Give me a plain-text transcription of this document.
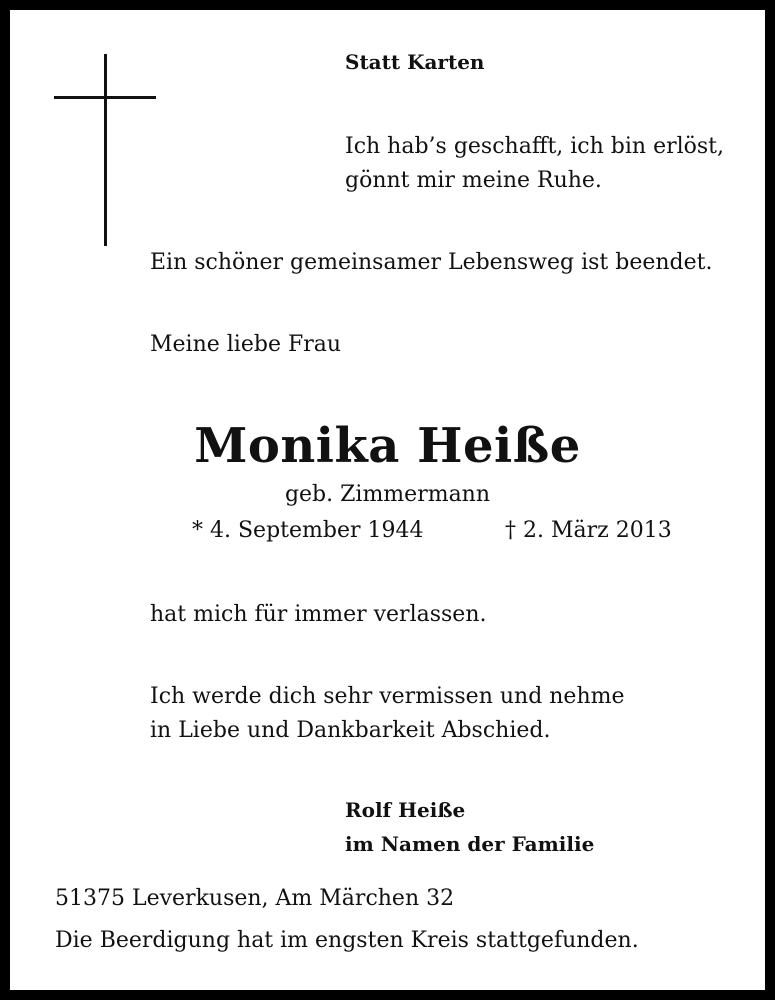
Statt Karten
Ich hab’s geschafft, ich bin erlöst,
gönnt mir meine Ruhe.
Ein schöner gemeinsamer Lebensweg ist beendet.
Meine liebe Frau
Monika Heiße
geb. Zimmermann
* 4. September 1944	† 2. März 2013
hat mich für immer verlassen.
Ich werde dich sehr vermissen und nehme
in Liebe und Dankbarkeit Abschied.
Rolf Heiße
im Namen der Familie
51375 Leverkusen, Am Märchen 32
Die Beerdigung hat im engsten Kreis stattgefunden.
